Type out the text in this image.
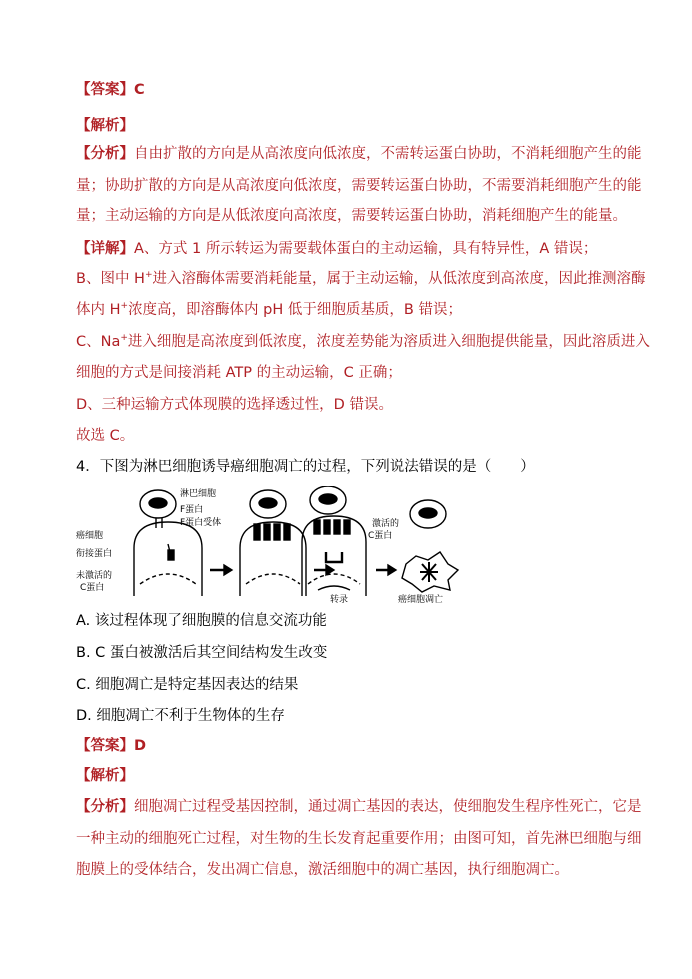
【答案】C
【解析】
【分析】自由扩散的方向是从高浓度向低浓度，不需转运蛋白协助，不消耗细胞产生的能
量；协助扩散的方向是从高浓度向低浓度，需要转运蛋白协助，不需要消耗细胞产生的能
量；主动运输的方向是从低浓度向高浓度，需要转运蛋白协助，消耗细胞产生的能量。
【详解】A、方式 1 所示转运为需要载体蛋白的主动运输，具有特异性，A 错误；
B、图中 H+进入溶酶体需要消耗能量，属于主动运输，从低浓度到高浓度，因此推测溶酶
体内 H+浓度高，即溶酶体内 pH 低于细胞质基质，B 错误；
C、Na+进入细胞是高浓度到低浓度，浓度差势能为溶质进入细胞提供能量，因此溶质进入
细胞的方式是间接消耗 ATP 的主动运输，C 正确；
D、三种运输方式体现膜的选择透过性，D 错误。
故选 C。
4．下图为淋巴细胞诱导癌细胞凋亡的过程，下列说法错误的是（　　）
淋巴细胞
F蛋白
F蛋白受体
癌细胞
衔接蛋白
未激活的
C蛋白
激活的
C蛋白
转录	癌细胞凋亡
A. 该过程体现了细胞膜的信息交流功能
B. C 蛋白被激活后其空间结构发生改变
C. 细胞凋亡是特定基因表达的结果
D. 细胞凋亡不利于生物体的生存
【答案】D
【解析】
【分析】细胞凋亡过程受基因控制，通过凋亡基因的表达，使细胞发生程序性死亡，它是
一种主动的细胞死亡过程，对生物的生长发育起重要作用；由图可知，首先淋巴细胞与细
胞膜上的受体结合，发出凋亡信息，激活细胞中的凋亡基因，执行细胞凋亡。
